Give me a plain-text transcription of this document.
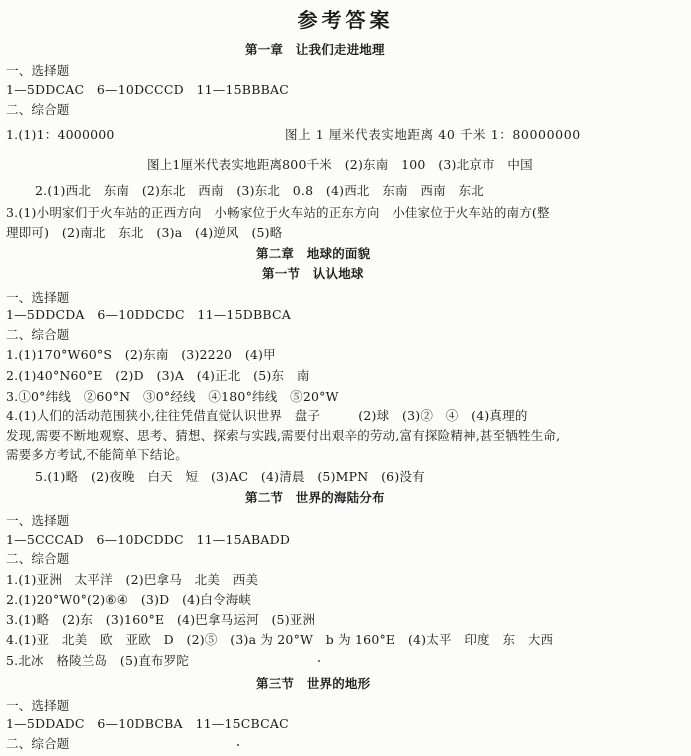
参考答案
第一章　让我们走进地理
一、选择题
1—5DDCAC　6—10DCCCD　11—15BBBAC
二、综合题
1.(1)1：4000000	图上 1 厘米代表实地距离 40 千米 1：80000000
图上1厘米代表实地距离800千米　(2)东南　100　(3)北京市　中国
2.(1)西北　东南　(2)东北　西南　(3)东北　0.8　(4)西北　东南　西南　东北
3.(1)小明家们于火车站的正西方向　小畅家位于火车站的正东方向　小佳家位于火车站的南方(整
理即可)　(2)南北　东北　(3)a　(4)逆风　(5)略
第二章　地球的面貌
第一节　认认地球
一、选择题
1—5DDCDA　6—10DDCDC　11—15DBBCA
二、综合题
1.(1)170°W60°S　(2)东南　(3)2220　(4)甲
2.(1)40°N60°E　(2)D　(3)A　(4)正北　(5)东　南
3.①0°纬线　②60°N　③0°经线　④180°纬线　⑤20°W
4.(1)人们的活动范围狭小,往往凭借直觉认识世界　盘子　　　(2)球　(3)②　④　(4)真理的
发现,需要不断地观察、思考、猜想、探索与实践,需要付出艰辛的劳动,富有探险精神,甚至牺牲生命,
需要多方考试,不能简单下结论。
5.(1)略　(2)夜晚　白天　短　(3)AC　(4)清晨　(5)MPN　(6)没有
第二节　世界的海陆分布
一、选择题
1—5CCCAD　6—10DCDDC　11—15ABADD
二、综合题
1.(1)亚洲　太平洋　(2)巴拿马　北美　西美
2.(1)20°W0°(2)⑥④　(3)D　(4)白令海峡
3.(1)略　(2)东　(3)160°E　(4)巴拿马运河　(5)亚洲
4.(1)亚　北美　欧　亚欧　D　(2)⑤　(3)a 为 20°W　b 为 160°E　(4)太平　印度　东　大西
5.北冰　格陵兰岛　(5)直布罗陀
第三节　世界的地形
一、选择题
1—5DDADC　6—10DBCBA　11—15CBCAC
二、综合题
